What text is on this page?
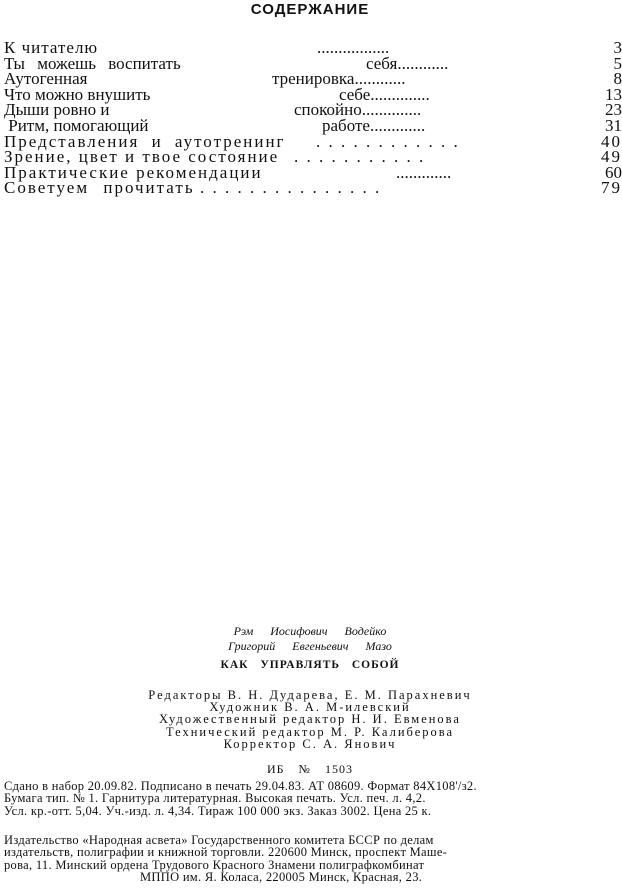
СОДЕРЖАНИЕ
К читателю	.................	3
Ты можешь воспитать	себя............	5
Аутогенная	тренировка............	8
Что можно внушить	себе..............	13
Дыши ровно и	спокойно..............	23
Ритм, помогающий	работе.............	31
Представления и аутотренинг . . . . . . . . . . . .	40
Зрение, цвет и твое состояние . . . . . . . . . . .	49
Практические рекомендации	.............	60
Советуем прочитать . . . . . . . . . . . . . . .	79
Рэм Иосифович Водейко
Григорий Евгеньевич Мазо
КАК УПРАВЛЯТЬ СОБОЙ
Редакторы В. Н. Дударева, Е. М. Парахневич
Художник В. А. М-илевский
Художественный редактор Н. И. Евменова
Технический редактор М. Р. Калиберова
Корректор С. А. Янович
ИБ № 1503
Сдано в набор 20.09.82. Подписано в печать 29.04.83. АТ 08609. Формат 84Х108'/з2.
Бумага тип. № 1. Гарнитура литературная. Высокая печать. Усл. печ. л. 4,2.
Усл. кр.-отт. 5,04. Уч.-изд. л. 4,34. Тираж 100 000 экз. Заказ 3002. Цена 25 к.
Издательство «Народная асвета» Государственного комитета БССР по делам
издательств, полиграфии и книжной торговли. 220600 Минск, проспект Маше-
рова, 11. Минский ордена Трудового Красного Знамени полиграфкомбинат
МППО им. Я. Коласа, 220005 Минск, Красная, 23.
